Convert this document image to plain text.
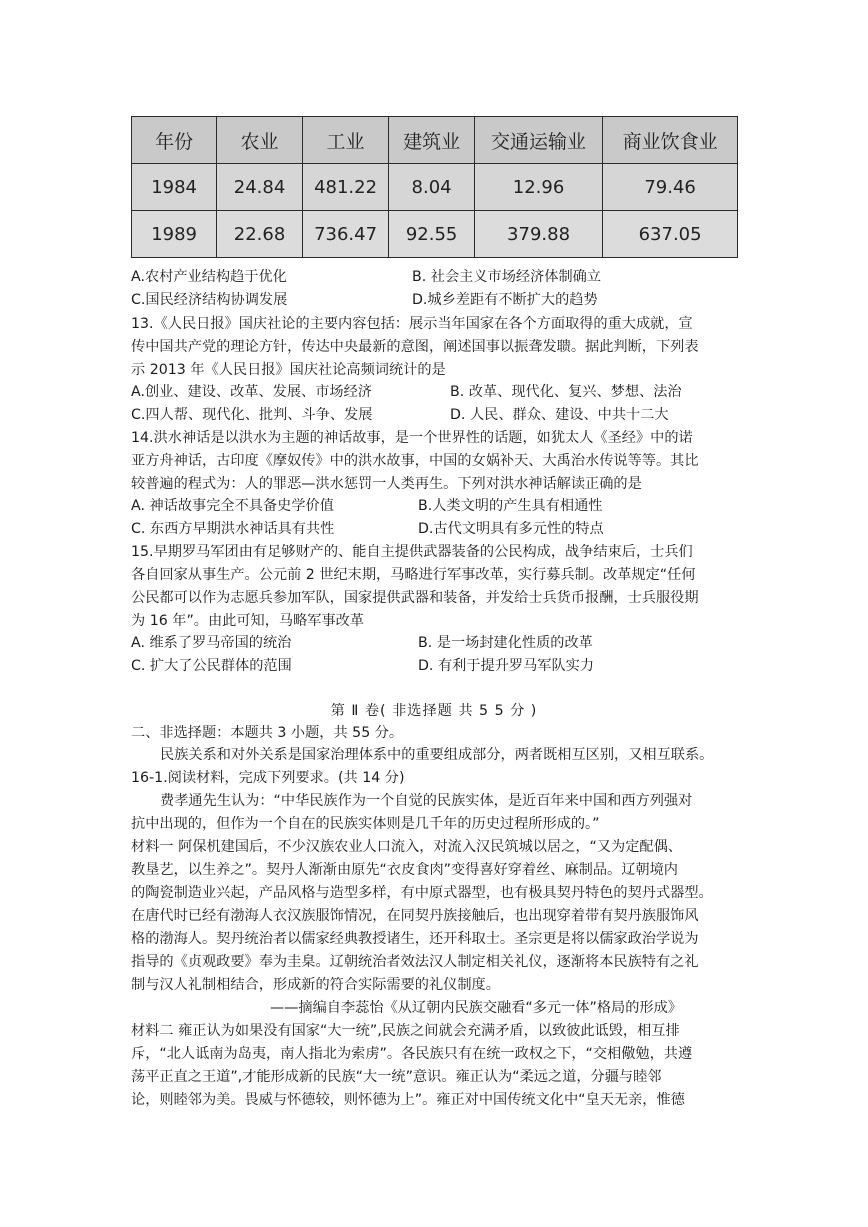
年份	农业	工业	建筑业	交通运输业	商业饮食业
1984	24.84	481.22	8.04	12.96	79.46
1989	22.68	736.47	92.55	379.88	637.05
A.农村产业结构趋于优化	B. 社会主义市场经济体制确立
C.国民经济结构协调发展	D.城乡差距有不断扩大的趋势
13.《人民日报》国庆社论的主要内容包括：展示当年国家在各个方面取得的重大成就，宣
传中国共产党的理论方针，传达中央最新的意图，阐述国事以振聋发聩。据此判断，下列表
示 2013 年《人民日报》国庆社论高频词统计的是
A.创业、建设、改革、发展、市场经济	B. 改革、现代化、复兴、梦想、法治
C.四人帮、现代化、批判、斗争、发展	D. 人民、群众、建设、中共十二大
14.洪水神话是以洪水为主题的神话故事，是一个世界性的话题，如犹太人《圣经》中的诺
亚方舟神话，古印度《摩奴传》中的洪水故事，中国的女娲补天、大禹治水传说等等。其比
较普遍的程式为：人的罪恶—洪水惩罚一人类再生。下列对洪水神话解读正确的是
A. 神话故事完全不具备史学价值	B.人类文明的产生具有相通性
C. 东西方早期洪水神话具有共性	D.古代文明具有多元性的特点
15.早期罗马军团由有足够财产的、能自主提供武器装备的公民构成，战争结束后，士兵们
各自回家从事生产。公元前 2 世纪末期，马略进行军事改革，实行募兵制。改革规定“任何
公民都可以作为志愿兵参加军队，国家提供武器和装备，并发给士兵货币报酬，士兵服役期
为 16 年”。由此可知，马略军事改革
A. 维系了罗马帝国的统治	B. 是一场封建化性质的改革
C. 扩大了公民群体的范围	D. 有利于提升罗马军队实力
第 Ⅱ 卷( 非选择题 共 5 5 分 )
二、非选择题：本题共 3 小题，共 55 分。
民族关系和对外关系是国家治理体系中的重要组成部分，两者既相互区别，又相互联系。
16-1.阅读材料，完成下列要求。(共 14 分)
费孝通先生认为：“中华民族作为一个自觉的民族实体，是近百年来中国和西方列强对
抗中出现的，但作为一个自在的民族实体则是几千年的历史过程所形成的。”
材料一 阿保机建国后，不少汉族农业人口流入，对流入汉民筑城以居之，“又为定配偶、
教垦艺，以生养之”。契丹人渐渐由原先“衣皮食肉”变得喜好穿着丝、麻制品。辽朝境内
的陶瓷制造业兴起，产品风格与造型多样，有中原式器型，也有极具契丹特色的契丹式器型。
在唐代时已经有渤海人衣汉族服饰情况，在同契丹族接触后，也出现穿着带有契丹族服饰风
格的渤海人。契丹统治者以儒家经典教授诸生，还开科取士。圣宗更是将以儒家政治学说为
指导的《贞观政要》奉为圭臬。辽朝统治者效法汉人制定相关礼仪，逐渐将本民族特有之礼
制与汉人礼制相结合，形成新的符合实际需要的礼仪制度。
——摘编自李蕊怡《从辽朝内民族交融看“多元一体”格局的形成》
材料二 雍正认为如果没有国家“大一统”,民族之间就会充满矛盾，以致彼此诋毁，相互排
斥，“北人诋南为岛夷，南人指北为索虏”。各民族只有在统一政权之下，“交相儆勉，共遵
荡平正直之王道”,才能形成新的民族“大一统”意识。雍正认为“柔远之道，分疆与睦邻
论，则睦邻为美。畏威与怀德较，则怀德为上”。雍正对中国传统文化中“皇天无亲，惟德
